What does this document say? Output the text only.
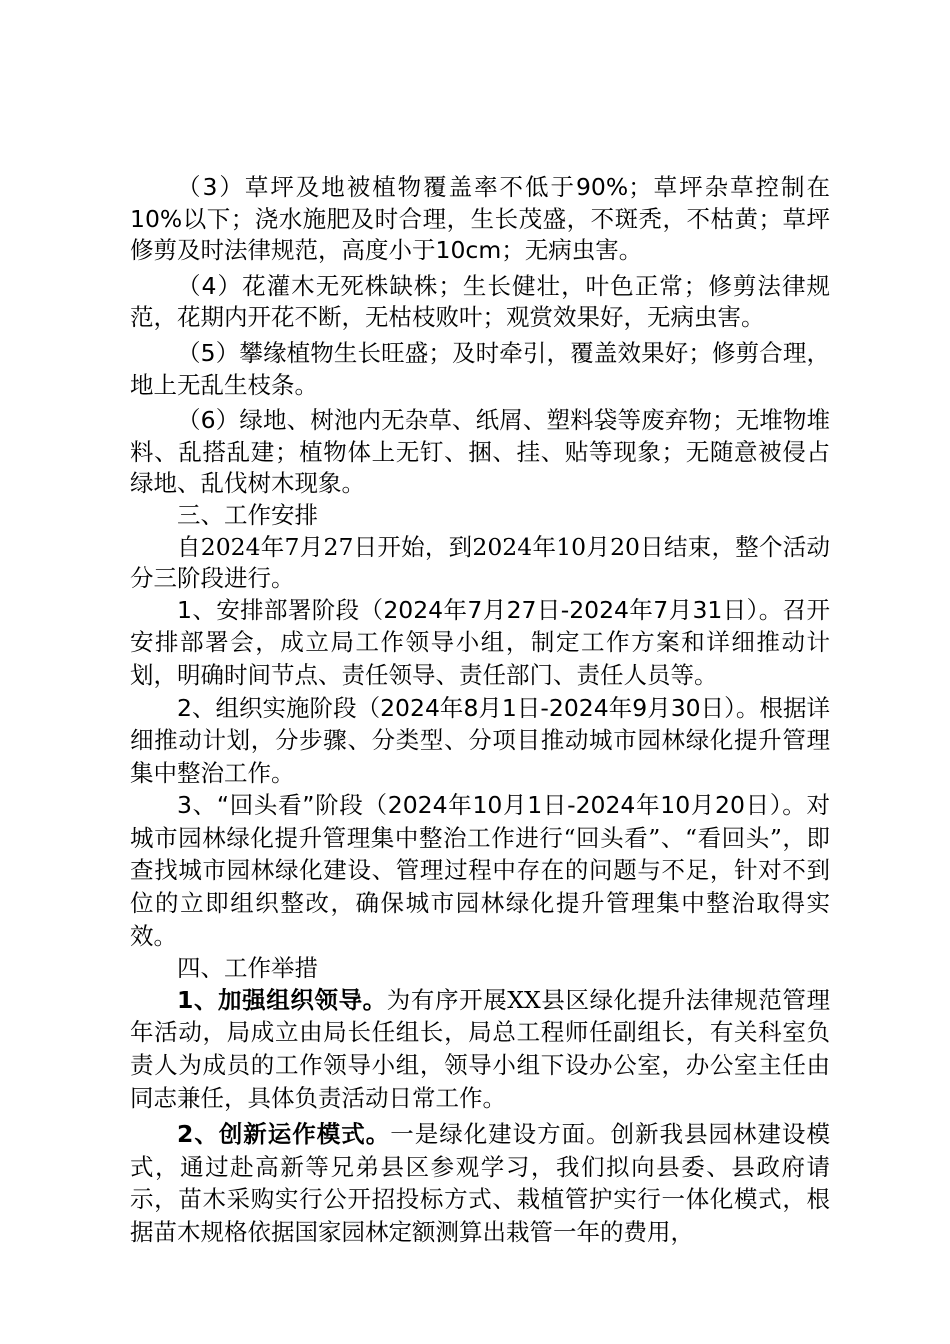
（3）草坪及地被植物覆盖率不低于90%；草坪杂草控制在10%以下；浇水施肥及时合理，生长茂盛，不斑秃，不枯黄；草坪修剪及时法律规范，高度小于10cm；无病虫害。

（4）花灌木无死株缺株；生长健壮，叶色正常；修剪法律规范，花期内开花不断，无枯枝败叶；观赏效果好，无病虫害。

（5）攀缘植物生长旺盛；及时牵引，覆盖效果好；修剪合理，地上无乱生枝条。

（6）绿地、树池内无杂草、纸屑、塑料袋等废弃物；无堆物堆料、乱搭乱建；植物体上无钉、捆、挂、贴等现象；无随意被侵占绿地、乱伐树木现象。

三、工作安排

自2024年7月27日开始，到2024年10月20日结束，整个活动分三阶段进行。

1、安排部署阶段（2024年7月27日-2024年7月31日）。召开安排部署会，成立局工作领导小组，制定工作方案和详细推动计划，明确时间节点、责任领导、责任部门、责任人员等。

2、组织实施阶段（2024年8月1日-2024年9月30日）。根据详细推动计划，分步骤、分类型、分项目推动城市园林绿化提升管理集中整治工作。

3、“回头看”阶段（2024年10月1日-2024年10月20日）。对城市园林绿化提升管理集中整治工作进行“回头看”、“看回头”，即查找城市园林绿化建设、管理过程中存在的问题与不足，针对不到位的立即组织整改，确保城市园林绿化提升管理集中整治取得实效。

四、工作举措

1、加强组织领导。为有序开展XX县区绿化提升法律规范管理年活动，局成立由局长任组长，局总工程师任副组长，有关科室负责人为成员的工作领导小组，领导小组下设办公室，办公室主任由同志兼任，具体负责活动日常工作。

2、创新运作模式。一是绿化建设方面。创新我县园林建设模式，通过赴高新等兄弟县区参观学习，我们拟向县委、县政府请示，苗木采购实行公开招投标方式、栽植管护实行一体化模式，根据苗木规格依据国家园林定额测算出栽管一年的费用，
